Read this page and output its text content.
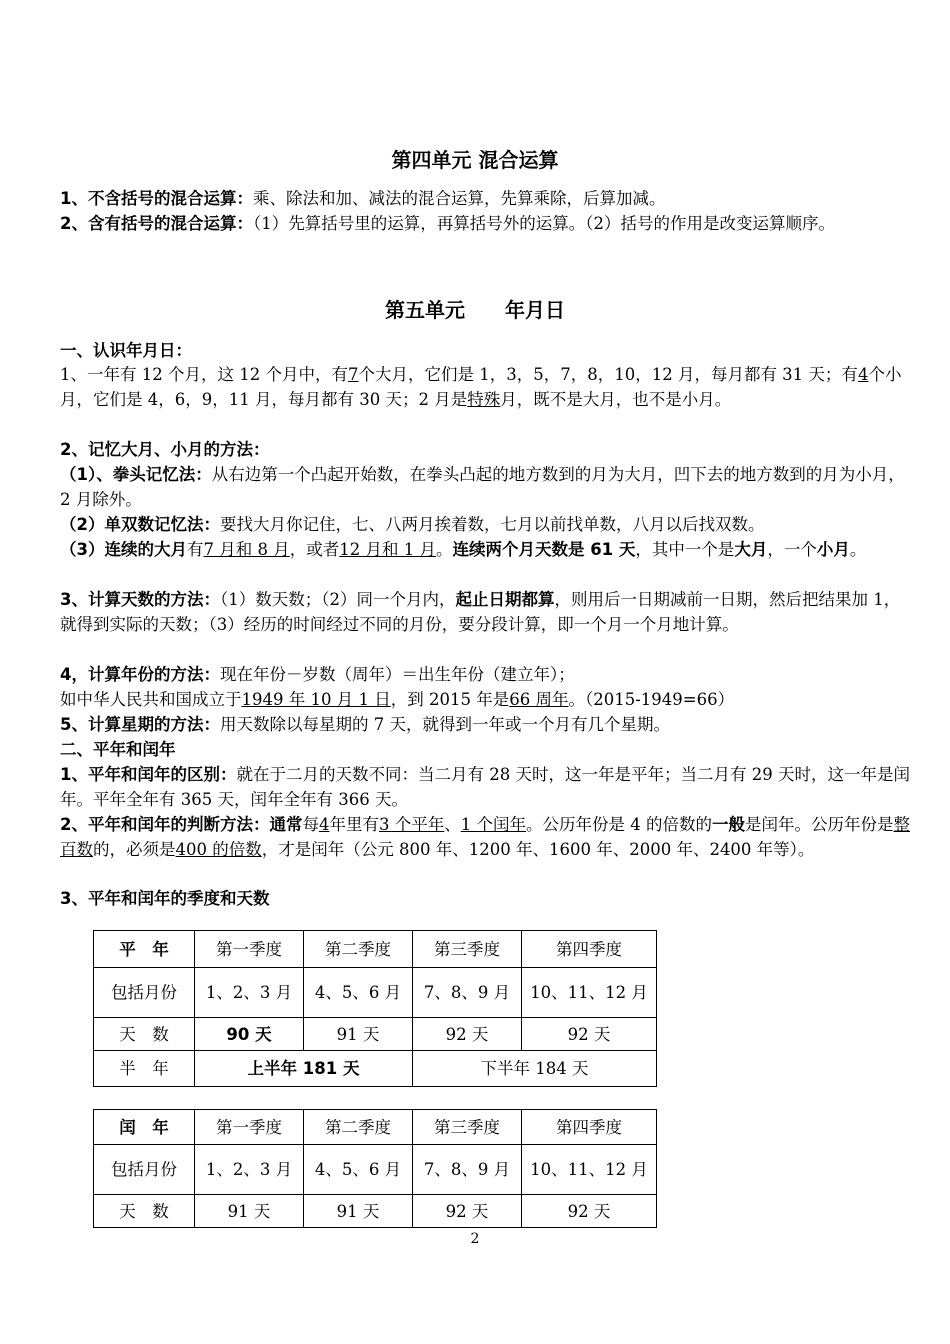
第四单元 混合运算
1、不含括号的混合运算：乘、除法和加、减法的混合运算，先算乘除，后算加减。
2、含有括号的混合运算：（1）先算括号里的运算，再算括号外的运算。（2）括号的作用是改变运算顺序。
第五单元　　年月日
一、认识年月日：
1、一年有 12 个月，这 12 个月中，有7个大月，它们是 1，3，5，7，8，10，12 月，每月都有 31 天；有4个小月，它们是 4，6，9，11 月，每月都有 30 天；2 月是特殊月，既不是大月，也不是小月。
2、记忆大月、小月的方法：
（1）、拳头记忆法：从右边第一个凸起开始数，在拳头凸起的地方数到的月为大月，凹下去的地方数到的月为小月，2 月除外。
（2）单双数记忆法：要找大月你记住，七、八两月挨着数，七月以前找单数，八月以后找双数。
（3）连续的大月有7 月和 8 月，或者12 月和 1 月。连续两个月天数是 61 天，其中一个是大月，一个小月。
3、计算天数的方法：（1）数天数；（2）同一个月内，起止日期都算，则用后一日期减前一日期，然后把结果加 1，就得到实际的天数；（3）经历的时间经过不同的月份，要分段计算，即一个月一个月地计算。
4，计算年份的方法：现在年份－岁数（周年）＝出生年份（建立年）；
如中华人民共和国成立于1949 年 10 月 1 日，到 2015 年是66 周年。（2015-1949=66）
5、计算星期的方法：用天数除以每星期的 7 天，就得到一年或一个月有几个星期。
二、平年和闰年
1、平年和闰年的区别：就在于二月的天数不同：当二月有 28 天时，这一年是平年；当二月有 29 天时，这一年是闰年。平年全年有 365 天，闰年全年有 366 天。
2、平年和闰年的判断方法：通常每4年里有3 个平年、1 个闰年。公历年份是 4 的倍数的一般是闰年。公历年份是整百数的，必须是400 的倍数，才是闰年（公元 800 年、1200 年、1600 年、2000 年、2400 年等）。
3、平年和闰年的季度和天数
平　年	第一季度	第二季度	第三季度	第四季度
包括月份	1、2、3 月	4、5、6 月	7、8、9 月	10、11、12 月
天　数	90 天	91 天	92 天	92 天
半　年	上半年 181 天		下半年 184 天	
闰　年	第一季度	第二季度	第三季度	第四季度
包括月份	1、2、3 月	4、5、6 月	7、8、9 月	10、11、12 月
天　数	91 天	91 天	92 天	92 天
2
